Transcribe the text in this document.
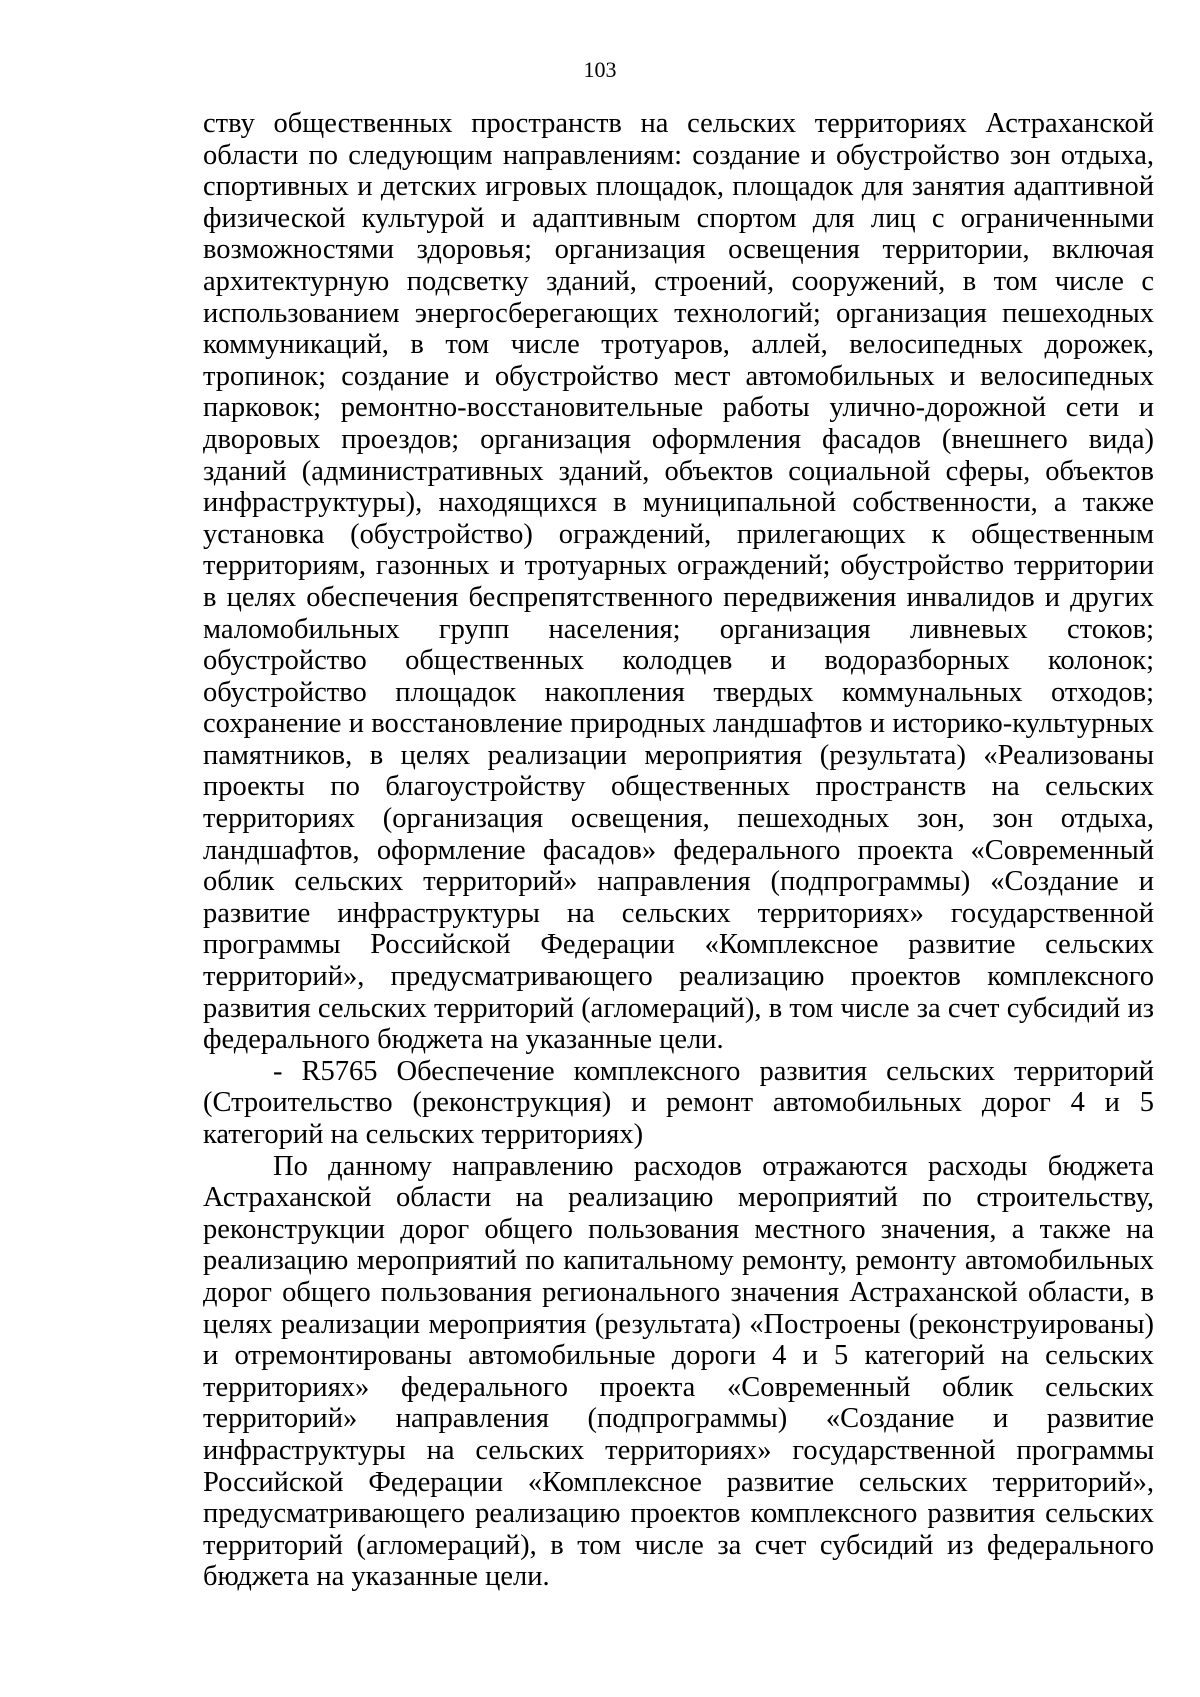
103

ству общественных пространств на сельских территориях Астраханской области по следующим направлениям: создание и обустройство зон отдыха, спортивных и детских игровых площадок, площадок для занятия адаптивной физической культурой и адаптивным спортом для лиц с ограниченными возможностями здоровья; организация освещения территории, включая архитектурную подсветку зданий, строений, сооружений, в том числе с использованием энергосберегающих технологий; организация пешеходных коммуникаций, в том числе тротуаров, аллей, велосипедных дорожек, тропинок; создание и обустройство мест автомобильных и велосипедных парковок; ремонтно-восстановительные работы улично-дорожной сети и дворовых проездов; организация оформления фасадов (внешнего вида) зданий (административных зданий, объектов социальной сферы, объектов инфраструктуры), находящихся в муниципальной собственности, а также установка (обустройство) ограждений, прилегающих к общественным территориям, газонных и тротуарных ограждений; обустройство территории в целях обеспечения беспрепятственного передвижения инвалидов и других маломобильных групп населения; организация ливневых стоков; обустройство общественных колодцев и водоразборных колонок; обустройство площадок накопления твердых коммунальных отходов; сохранение и восстановление природных ландшафтов и историко-культурных памятников, в целях реализации мероприятия (результата) «Реализованы проекты по благоустройству общественных пространств на сельских территориях (организация освещения, пешеходных зон, зон отдыха, ландшафтов, оформление фасадов» федерального проекта «Современный облик сельских территорий» направления (подпрограммы) «Создание и развитие инфраструктуры на сельских территориях» государственной программы Российской Федерации «Комплексное развитие сельских территорий», предусматривающего реализацию проектов комплексного развития сельских территорий (агломераций), в том числе за счет субсидий из федерального бюджета на указанные цели.

- R5765 Обеспечение комплексного развития сельских территорий (Строительство (реконструкция) и ремонт автомобильных дорог 4 и 5 категорий на сельских территориях)

По данному направлению расходов отражаются расходы бюджета Астраханской области на реализацию мероприятий по строительству, реконструкции дорог общего пользования местного значения, а также на реализацию мероприятий по капитальному ремонту, ремонту автомобильных дорог общего пользования регионального значения Астраханской области, в целях реализации мероприятия (результата) «Построены (реконструированы) и отремонтированы автомобильные дороги 4 и 5 категорий на сельских территориях» федерального проекта «Современный облик сельских территорий» направления (подпрограммы) «Создание и развитие инфраструктуры на сельских территориях» государственной программы Российской Федерации «Комплексное развитие сельских территорий», предусматривающего реализацию проектов комплексного развития сельских территорий (агломераций), в том числе за счет субсидий из федерального бюджета на указанные цели.
